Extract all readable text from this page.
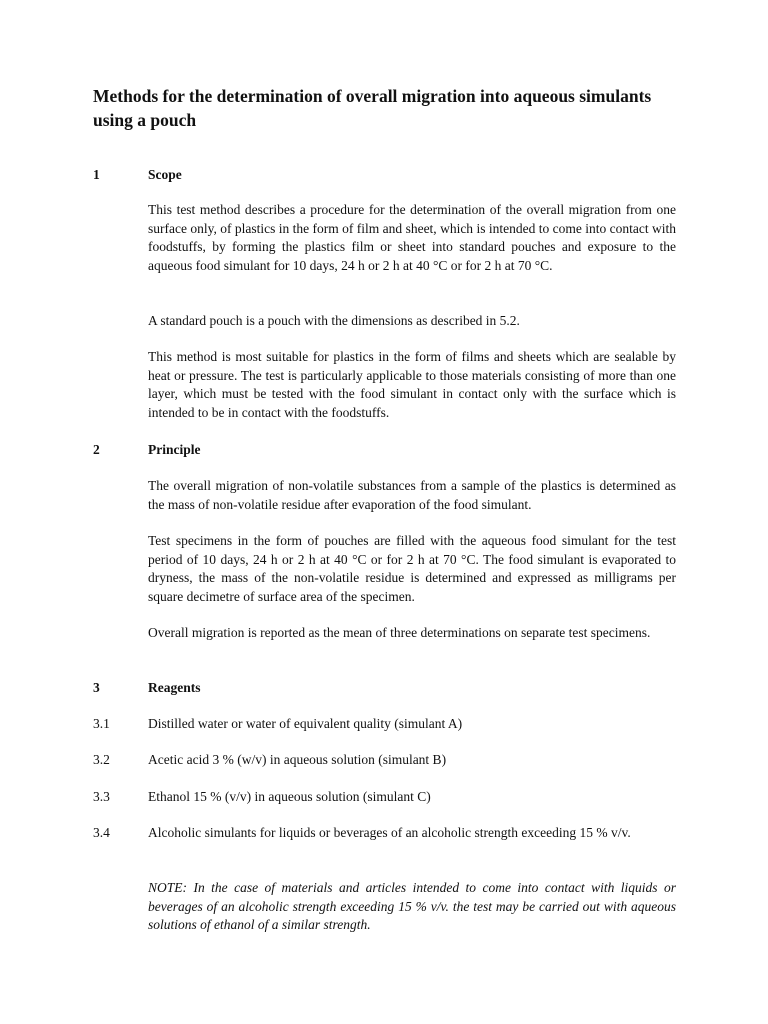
Methods for the determination of overall migration into aqueous simulants using a pouch
1	Scope

This test method describes a procedure for the determination of the overall migration from one surface only, of plastics in the form of film and sheet, which is intended to come into contact with foodstuffs, by forming the plastics film or sheet into standard pouches and exposure to the aqueous food simulant for 10 days, 24 h or 2 h at 40 °C or for 2 h at 70 °C.

A standard pouch is a pouch with the dimensions as described in 5.2.

This method is most suitable for plastics in the form of films and sheets which are sealable by heat or pressure. The test is particularly applicable to those materials consisting of more than one layer, which must be tested with the food simulant in contact only with the surface which is intended to be in contact with the foodstuffs.

2	Principle

The overall migration of non-volatile substances from a sample of the plastics is determined as the mass of non-volatile residue after evaporation of the food simulant.

Test specimens in the form of pouches are filled with the aqueous food simulant for the test period of 10 days, 24 h or 2 h at 40 °C or for 2 h at 70 °C. The food simulant is evaporated to dryness, the mass of the non-volatile residue is determined and expressed as milligrams per square decimetre of surface area of the specimen.

Overall migration is reported as the mean of three determinations on separate test specimens.

3	Reagents
3.1	Distilled water or water of equivalent quality (simulant A)

3.2	Acetic acid 3 % (w/v) in aqueous solution (simulant B)

3.3	Ethanol 15 % (v/v) in aqueous solution (simulant C)

3.4	Alcoholic simulants for liquids or beverages of an alcoholic strength exceeding 15 % v/v.

NOTE: In the case of materials and articles intended to come into contact with liquids or beverages of an alcoholic strength exceeding 15 % v/v. the test may be carried out with aqueous solutions of ethanol of a similar strength.
